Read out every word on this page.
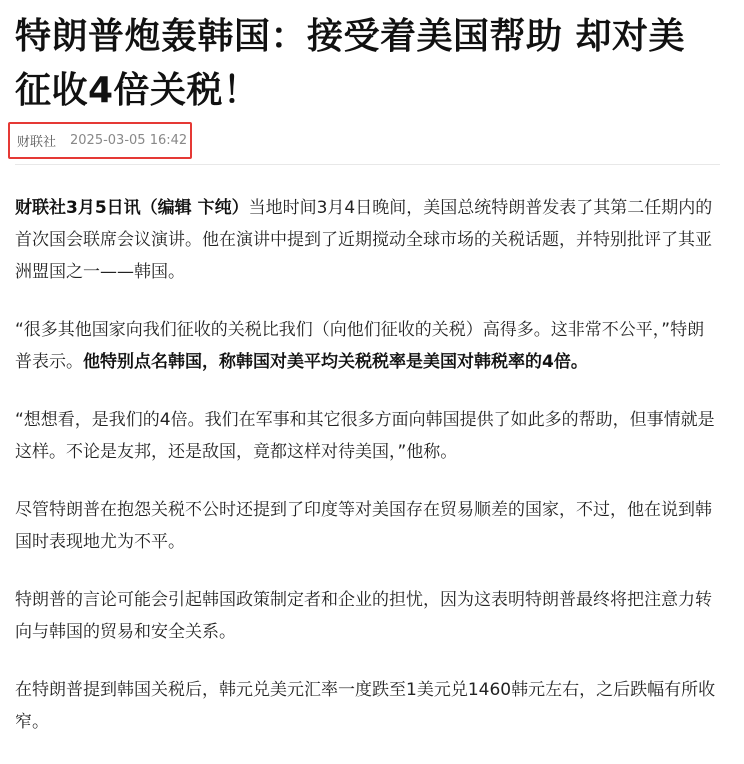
特朗普炮轰韩国：接受着美国帮助 却对美征收4倍关税！
财联社 2025-03-05 16:42

财联社3月5日讯（编辑 卞纯）当地时间3月4日晚间，美国总统特朗普发表了其第二任期内的首次国会联席会议演讲。他在演讲中提到了近期搅动全球市场的关税话题，并特别批评了其亚洲盟国之一——韩国。

“很多其他国家向我们征收的关税比我们（向他们征收的关税）高得多。这非常不公平，”特朗普表示。他特别点名韩国，称韩国对美平均关税税率是美国对韩税率的4倍。

“想想看，是我们的4倍。我们在军事和其它很多方面向韩国提供了如此多的帮助，但事情就是这样。不论是友邦，还是敌国，竟都这样对待美国，”他称。

尽管特朗普在抱怨关税不公时还提到了印度等对美国存在贸易顺差的国家，不过，他在说到韩国时表现地尤为不平。

特朗普的言论可能会引起韩国政策制定者和企业的担忧，因为这表明特朗普最终将把注意力转向与韩国的贸易和安全关系。

在特朗普提到韩国关税后，韩元兑美元汇率一度跌至1美元兑1460韩元左右，之后跌幅有所收窄。
